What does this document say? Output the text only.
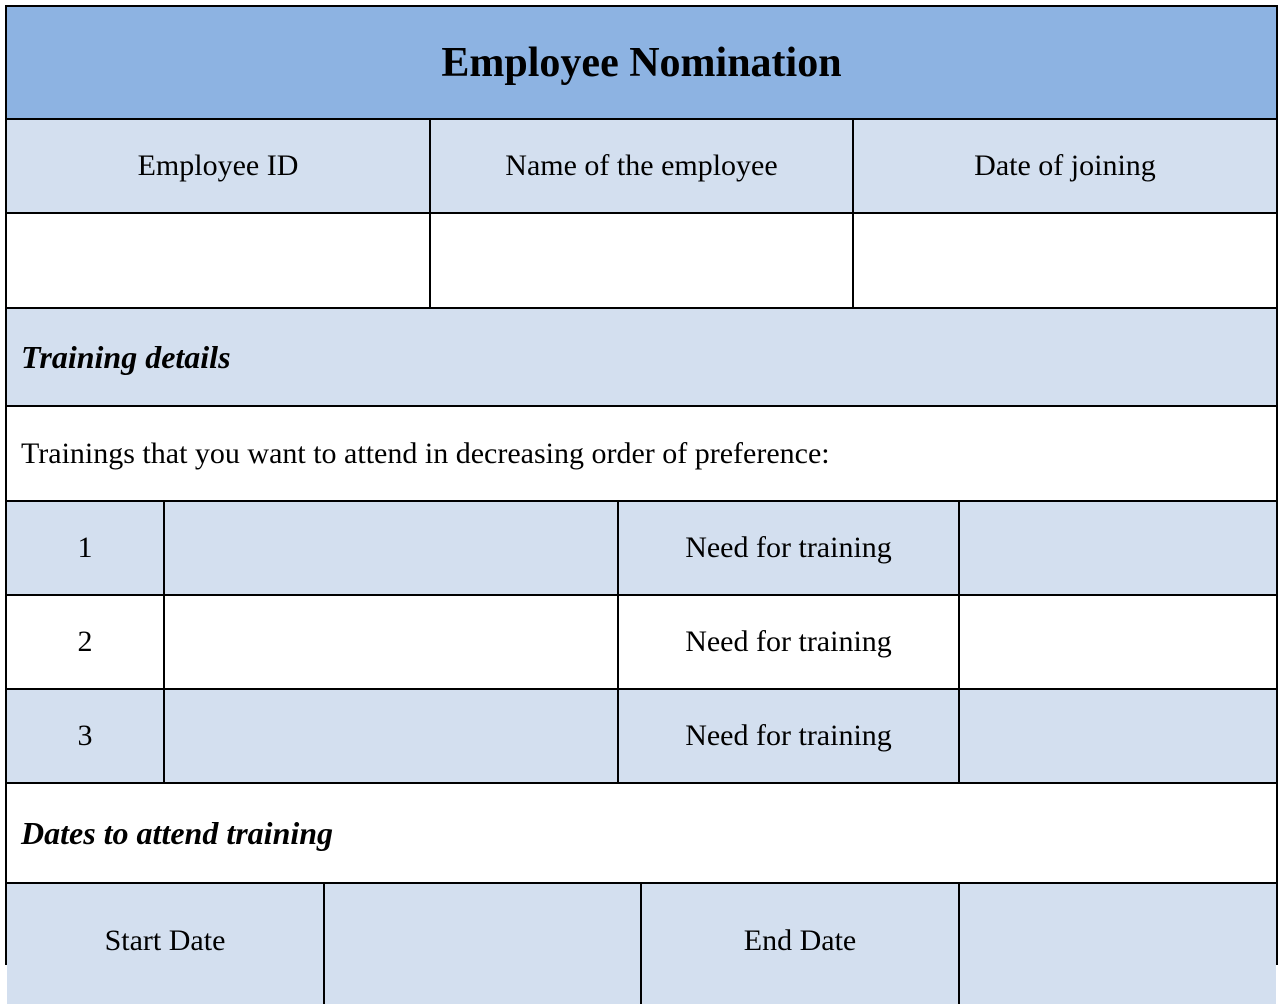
Employee Nomination
Employee ID	Name of the employee	Date of joining
Training details
Trainings that you want to attend in decreasing order of preference:
1	Need for training
2	Need for training
3	Need for training
Dates to attend training
Start Date	End Date
